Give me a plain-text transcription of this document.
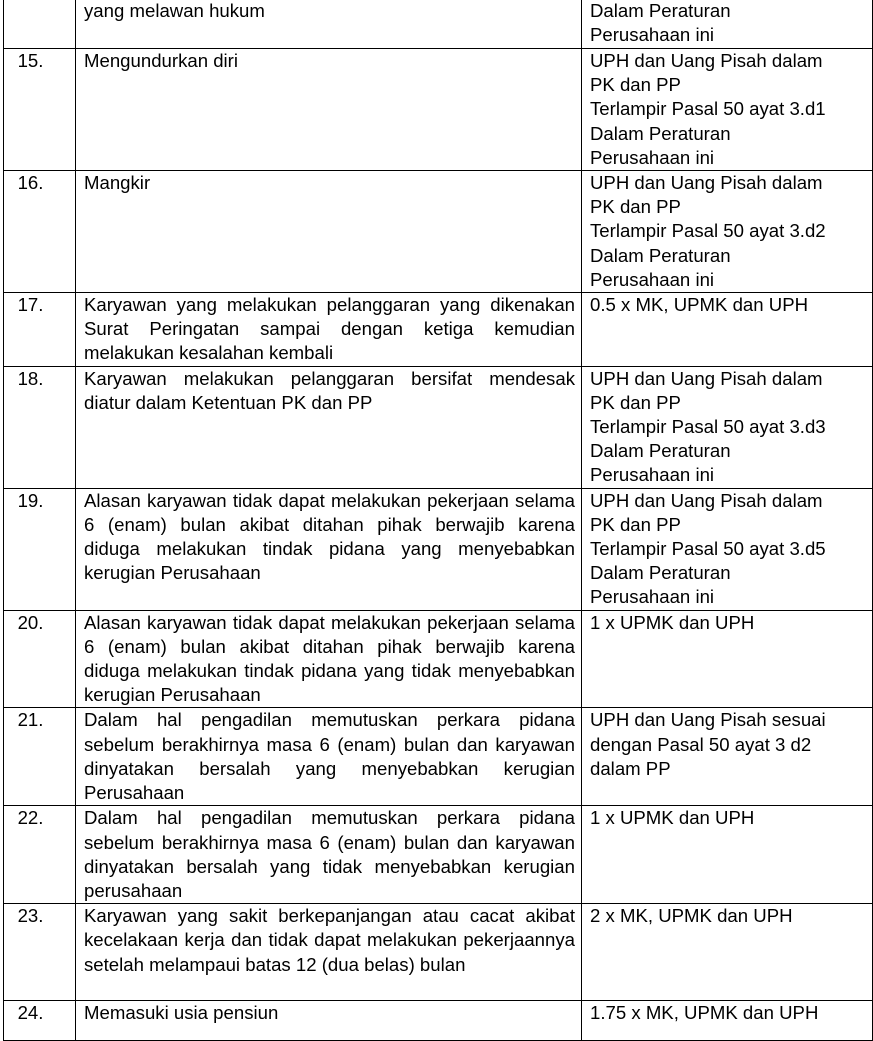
	yang melawan hukum	Dalam Peraturan
Perusahaan ini

15.	Mengundurkan diri	UPH dan Uang Pisah dalam
PK dan PP
Terlampir Pasal 50 ayat 3.d1
Dalam Peraturan
Perusahaan ini

16.	Mangkir	UPH dan Uang Pisah dalam
PK dan PP
Terlampir Pasal 50 ayat 3.d2
Dalam Peraturan
Perusahaan ini

17.	Karyawan yang melakukan pelanggaran yang dikenakan Surat Peringatan sampai dengan ketiga kemudian melakukan kesalahan kembali	0.5 x MK, UPMK dan UPH

18.	Karyawan melakukan pelanggaran bersifat mendesak diatur dalam Ketentuan PK dan PP	UPH dan Uang Pisah dalam
PK dan PP
Terlampir Pasal 50 ayat 3.d3
Dalam Peraturan
Perusahaan ini

19.	Alasan karyawan tidak dapat melakukan pekerjaan selama 6 (enam) bulan akibat ditahan pihak berwajib karena diduga melakukan tindak pidana yang menyebabkan kerugian Perusahaan	UPH dan Uang Pisah dalam
PK dan PP
Terlampir Pasal 50 ayat 3.d5
Dalam Peraturan
Perusahaan ini

20.	Alasan karyawan tidak dapat melakukan pekerjaan selama 6 (enam) bulan akibat ditahan pihak berwajib karena diduga melakukan tindak pidana yang tidak menyebabkan kerugian Perusahaan	1 x UPMK dan UPH

21.	Dalam hal pengadilan memutuskan perkara pidana sebelum berakhirnya masa 6 (enam) bulan dan karyawan dinyatakan bersalah yang menyebabkan kerugian Perusahaan	UPH dan Uang Pisah sesuai dengan Pasal 50 ayat 3 d2 dalam PP
22.	Dalam hal pengadilan memutuskan perkara pidana sebelum berakhirnya masa 6 (enam) bulan dan karyawan dinyatakan bersalah yang tidak menyebabkan kerugian perusahaan	1 x UPMK dan UPH

23.	Karyawan yang sakit berkepanjangan atau cacat akibat kecelakaan kerja dan tidak dapat melakukan pekerjaannya setelah melampaui batas 12 (dua belas) bulan	2 x MK, UPMK dan UPH

24.	Memasuki usia pensiun	1.75 x MK, UPMK dan UPH
